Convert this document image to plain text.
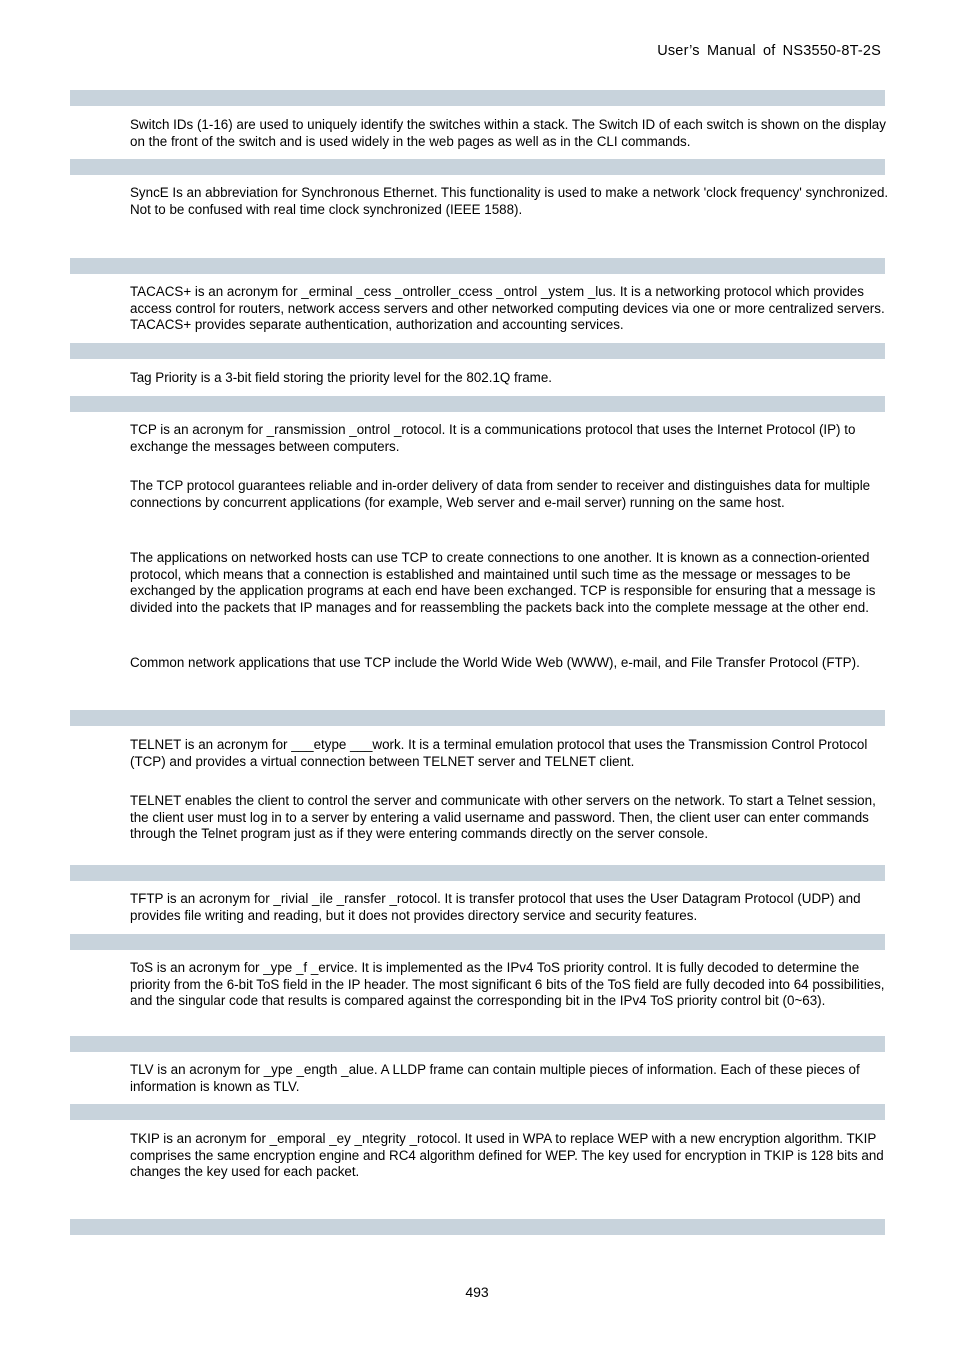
User’s Manual of NS3550-8T-2S

Switch IDs (1-16) are used to uniquely identify the switches within a stack. The Switch ID of each switch is shown on the display on the front of the switch and is used widely in the web pages as well as in the CLI commands.

SyncE Is an abbreviation for Synchronous Ethernet. This functionality is used to make a network 'clock frequency' synchronized. Not to be confused with real time clock synchronized (IEEE 1588).

TACACS+ is an acronym for _erminal _cess _ontroller_ccess _ontrol _ystem _lus. It is a networking protocol which provides access control for routers, network access servers and other networked computing devices via one or more centralized servers. TACACS+ provides separate authentication, authorization and accounting services.

Tag Priority is a 3-bit field storing the priority level for the 802.1Q frame.

TCP is an acronym for _ransmission _ontrol _rotocol. It is a communications protocol that uses the Internet Protocol (IP) to exchange the messages between computers.

The TCP protocol guarantees reliable and in-order delivery of data from sender to receiver and distinguishes data for multiple connections by concurrent applications (for example, Web server and e-mail server) running on the same host.

The applications on networked hosts can use TCP to create connections to one another. It is known as a connection-oriented protocol, which means that a connection is established and maintained until such time as the message or messages to be exchanged by the application programs at each end have been exchanged. TCP is responsible for ensuring that a message is divided into the packets that IP manages and for reassembling the packets back into the complete message at the other end.

Common network applications that use TCP include the World Wide Web (WWW), e-mail, and File Transfer Protocol (FTP).

TELNET is an acronym for ___etype ___work. It is a terminal emulation protocol that uses the Transmission Control Protocol (TCP) and provides a virtual connection between TELNET server and TELNET client.

TELNET enables the client to control the server and communicate with other servers on the network. To start a Telnet session, the client user must log in to a server by entering a valid username and password. Then, the client user can enter commands through the Telnet program just as if they were entering commands directly on the server console.

TFTP is an acronym for _rivial _ile _ransfer _rotocol. It is transfer protocol that uses the User Datagram Protocol (UDP) and provides file writing and reading, but it does not provides directory service and security features.

ToS is an acronym for _ype _f _ervice. It is implemented as the IPv4 ToS priority control. It is fully decoded to determine the priority from the 6-bit ToS field in the IP header. The most significant 6 bits of the ToS field are fully decoded into 64 possibilities, and the singular code that results is compared against the corresponding bit in the IPv4 ToS priority control bit (0~63).

TLV is an acronym for _ype _ength _alue. A LLDP frame can contain multiple pieces of information. Each of these pieces of information is known as TLV.

TKIP is an acronym for _emporal _ey _ntegrity _rotocol. It used in WPA to replace WEP with a new encryption algorithm. TKIP comprises the same encryption engine and RC4 algorithm defined for WEP. The key used for encryption in TKIP is 128 bits and changes the key used for each packet.

493
